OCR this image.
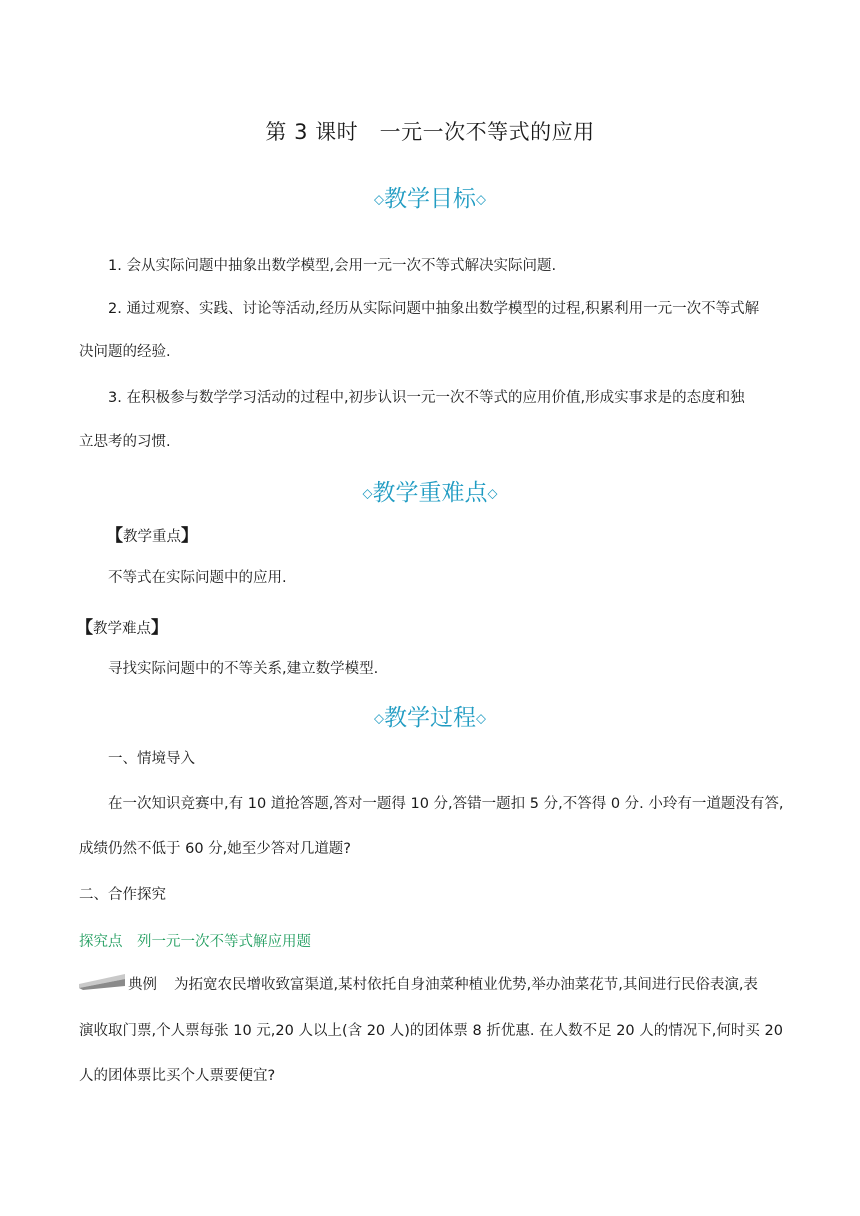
第 3 课时　一元一次不等式的应用
◇教学目标◇
1. 会从实际问题中抽象出数学模型,会用一元一次不等式解决实际问题.
2. 通过观察、实践、讨论等活动,经历从实际问题中抽象出数学模型的过程,积累利用一元一次不等式解
决问题的经验.
3. 在积极参与数学学习活动的过程中,初步认识一元一次不等式的应用价值,形成实事求是的态度和独
立思考的习惯.
◇教学重难点◇
【教学重点】
不等式在实际问题中的应用.
【教学难点】
寻找实际问题中的不等关系,建立数学模型.
◇教学过程◇
一、情境导入
在一次知识竞赛中,有 10 道抢答题,答对一题得 10 分,答错一题扣 5 分,不答得 0 分. 小玲有一道题没有答,
成绩仍然不低于 60 分,她至少答对几道题?
二、合作探究
探究点　列一元一次不等式解应用题
典例 为拓宽农民增收致富渠道,某村依托自身油菜种植业优势,举办油菜花节,其间进行民俗表演,表
演收取门票,个人票每张 10 元,20 人以上(含 20 人)的团体票 8 折优惠. 在人数不足 20 人的情况下,何时买 20
人的团体票比买个人票要便宜?
